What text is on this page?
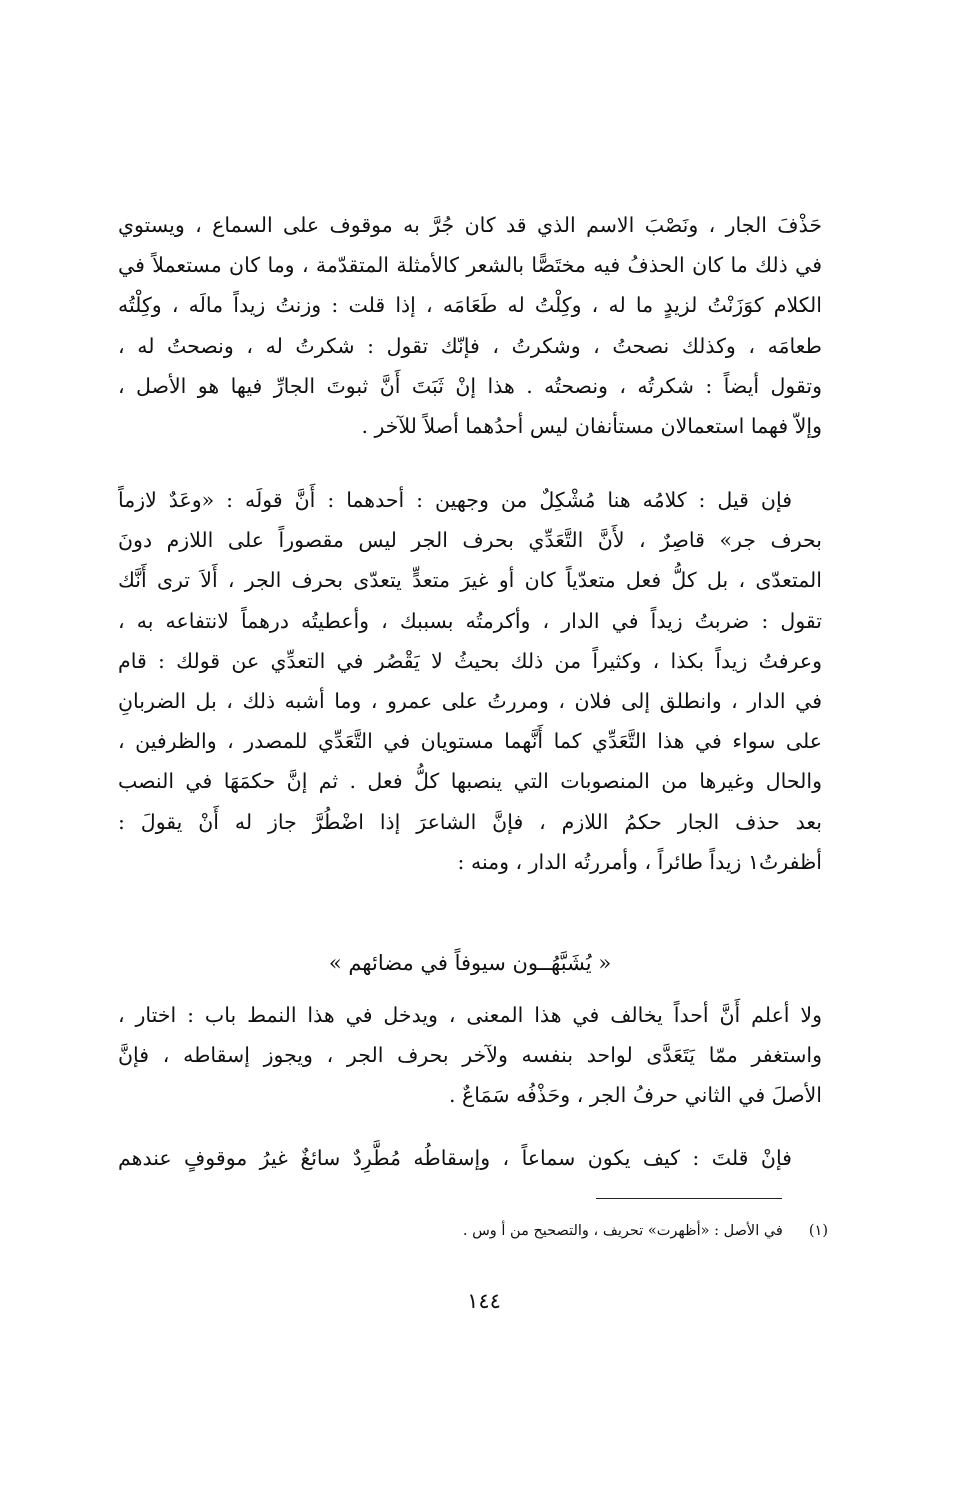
حَذْفَ الجار ، ونَصْبَ الاسم الذي قد كان جُرَّ به موقوف على السماع ، ويستوي
في ذلك ما كان الحذفُ فيه مختَصًّا بالشعر كالأمثلة المتقدّمة ، وما كان مستعملاً في
الكلام كوَزَنْتُ لزيدٍ ما له ، وكِلْتُ له طَعَامَه ، إذا قلت : وزنتُ زيداً مالَه ، وكِلْتُه
طعامَه ، وكذلك نصحتُ ، وشكرتُ ، فإنّك تقول : شكرتُ له ، ونصحتُ له ،
وتقول أيضاً : شكرتُه ، ونصحتُه . هذا إنْ ثَبَتَ أَنَّ ثبوتَ الجارِّ فيها هو الأصل ،
وإلاّ فهما استعمالان مستأنفان ليس أحدُهما أصلاً للآخر .
فإن قيل : كلامُه هنا مُشْكِلٌ من وجهين : أحدهما : أَنَّ قولَه : «وعَدٌ لازماً
بحرف جر» قاصِرٌ ، لأَنَّ التَّعَدِّي بحرف الجر ليس مقصوراً على اللازم دونَ
المتعدّى ، بل كلُّ فعل متعدّياً كان أو غيرَ متعدٍّ يتعدّى بحرف الجر ، أَلاَ ترى أَنَّك
تقول : ضربتُ زيداً في الدار ، وأكرمتُه بسببك ، وأعطيتُه درهماً لانتفاعه به ،
وعرفتُ زيداً بكذا ، وكثيراً من ذلك بحيثُ لا يَقْصُر في التعدِّي عن قولك : قام
في الدار ، وانطلق إلى فلان ، ومررتُ على عمرو ، وما أشبه ذلك ، بل الضربانِ
على سواء في هذا التَّعَدِّي كما أَنَّهما مستويان في التَّعَدِّي للمصدر ، والظرفين ،
والحال وغيرها من المنصوبات التي ينصبها كلُّ فعل . ثم إنَّ حكمَهَا في النصب
بعد حذف الجار حكمُ اللازم ، فإنَّ الشاعرَ إذا اضْطُرَّ جاز له أَنْ يقولَ :
أظفرتُ١ زيداً طائراً ، وأمررتُه الدار ، ومنه :
« يُشَبَّهُــون سيوفاً في مضائهم »
ولا أعلم أَنَّ أحداً يخالف في هذا المعنى ، ويدخل في هذا النمط باب : اختار ،
واستغفر ممّا يَتَعَدَّى لواحد بنفسه ولآخر بحرف الجر ، ويجوز إسقاطه ، فإنَّ
الأصلَ في الثاني حرفُ الجر ، وحَذْفُه سَمَاعٌ .
فإنْ قلتَ : كيف يكون سماعاً ، وإسقاطُه مُطَّرِدٌ سائغٌ غيرُ موقوفٍ عندهم
(١)في الأصل : «أظهرت» تحريف ، والتصحيح من أ وس .
١٤٤
